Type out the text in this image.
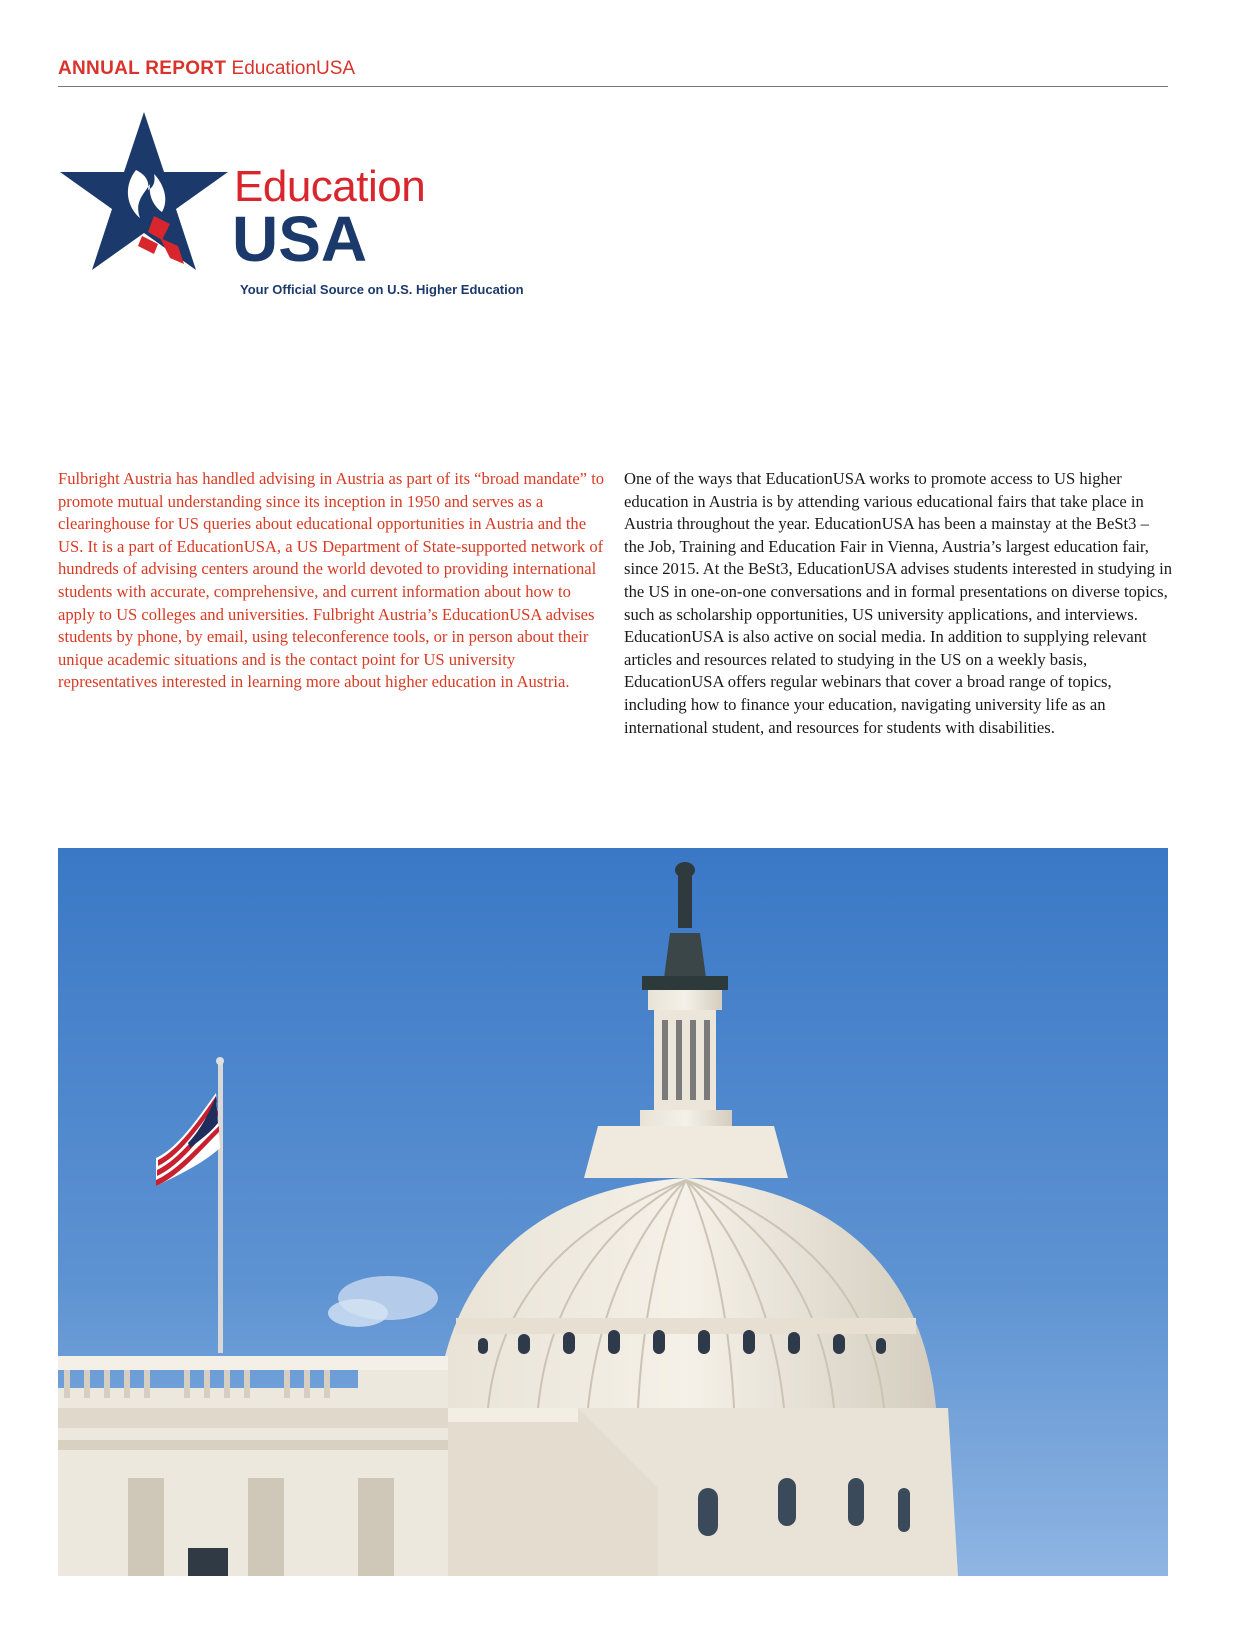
ANNUAL REPORT EducationUSA
Education
USA
Your Official Source on U.S. Higher Education
Fulbright Austria has handled advising in Austria as part of its “broad mandate” to promote mutual understanding since its inception in 1950 and serves as a clearinghouse for US queries about educational opportunities in Austria and the US. It is a part of EducationUSA, a US Department of State-supported network of hundreds of advising centers around the world devoted to providing international students with accurate, comprehensive, and current information about how to apply to US colleges and universities. Fulbright Austria’s EducationUSA advises students by phone, by email, using teleconference tools, or in person about their unique academic situations and is the contact point for US university representatives interested in learning more about higher education in Austria.
One of the ways that EducationUSA works to promote access to US higher education in Austria is by attending various educational fairs that take place in Austria throughout the year. EducationUSA has been a mainstay at the BeSt3 – the Job, Training and Education Fair in Vienna, Austria’s largest education fair, since 2015. At the BeSt3, EducationUSA advises students interested in studying in the US in one-on-one conversations and in formal presentations on diverse topics, such as scholarship opportunities, US university applications, and interviews. EducationUSA is also active on social media. In addition to supplying relevant articles and resources related to studying in the US on a weekly basis, EducationUSA offers regular webinars that cover a broad range of topics, including how to finance your education, navigating university life as an international student, and resources for students with disabilities.
